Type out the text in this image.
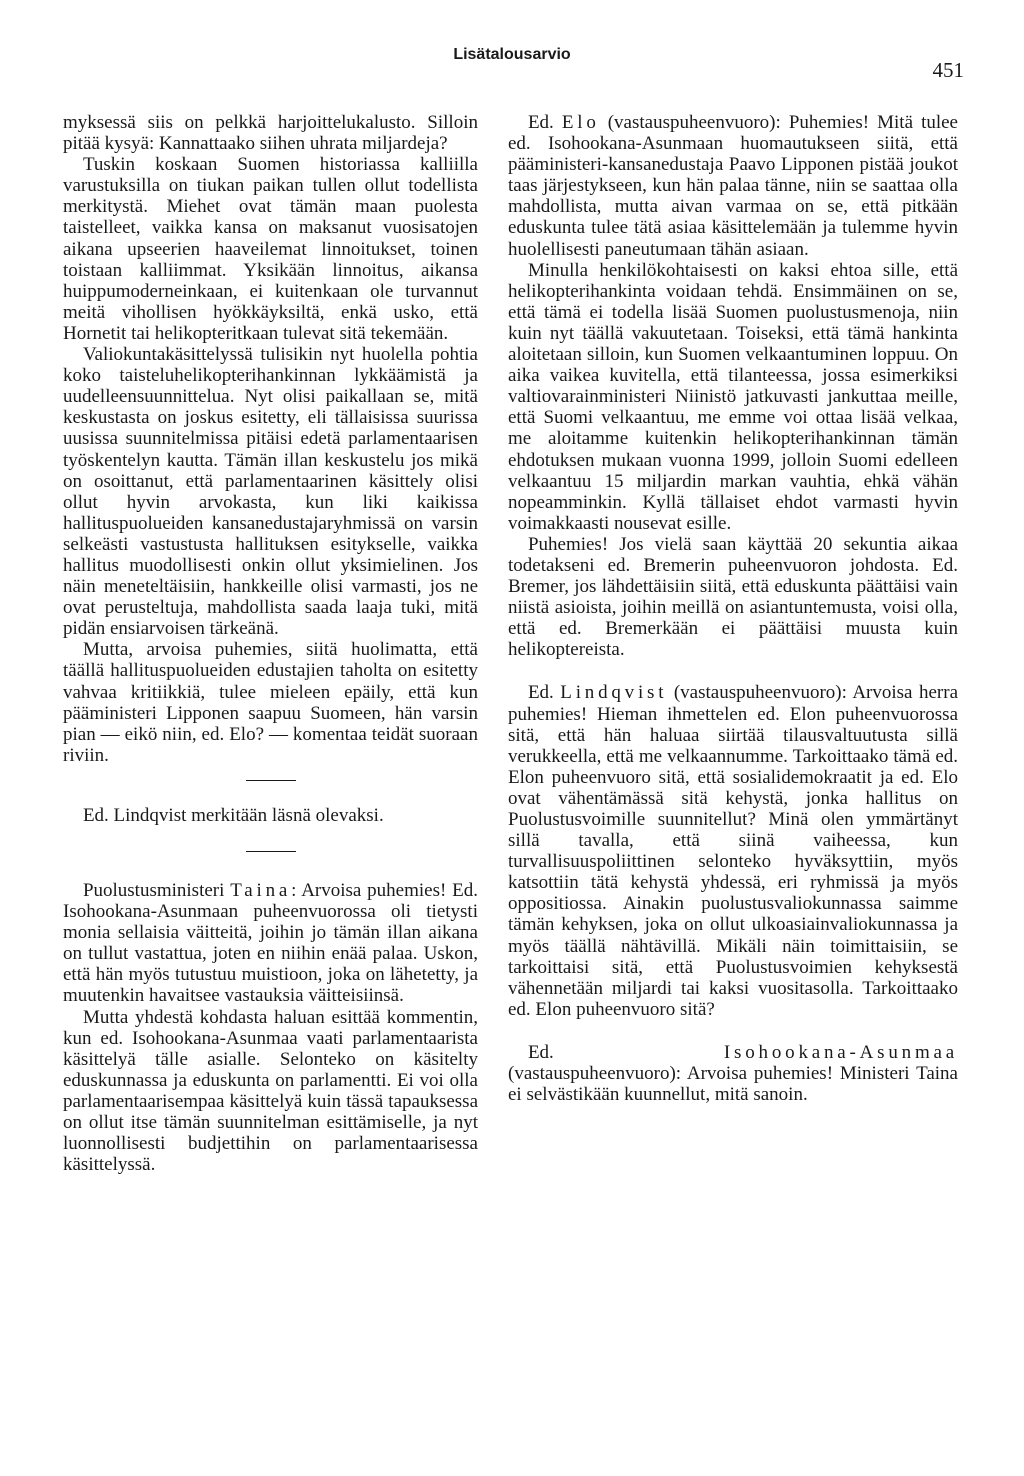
Lisätalousarvio
451

myksessä siis on pelkkä harjoittelukalusto. Silloin pitää kysyä: Kannattaako siihen uhrata miljardeja?

Tuskin koskaan Suomen historiassa kalliilla varustuksilla on tiukan paikan tullen ollut todellista merkitystä. Miehet ovat tämän maan puolesta taistelleet, vaikka kansa on maksanut vuosisatojen aikana upseerien haaveilemat linnoitukset, toinen toistaan kalliimmat. Yksikään linnoitus, aikansa huippumoderneinkaan, ei kuitenkaan ole turvannut meitä vihollisen hyökkäyksiltä, enkä usko, että Hornetit tai helikopteritkaan tulevat sitä tekemään.

Valiokuntakäsittelyssä tulisikin nyt huolella pohtia koko taisteluhelikopterihankinnan lykkäämistä ja uudelleensuunnittelua. Nyt olisi paikallaan se, mitä keskustasta on joskus esitetty, eli tällaisissa suurissa uusissa suunnitelmissa pitäisi edetä parlamentaarisen työskentelyn kautta. Tämän illan keskustelu jos mikä on osoittanut, että parlamentaarinen käsittely olisi ollut hyvin arvokasta, kun liki kaikissa hallituspuolueiden kansanedustajaryhmissä on varsin selkeästi vastustusta hallituksen esitykselle, vaikka hallitus muodollisesti onkin ollut yksimielinen. Jos näin meneteltäisiin, hankkeille olisi varmasti, jos ne ovat perusteltuja, mahdollista saada laaja tuki, mitä pidän ensiarvoisen tärkeänä.

Mutta, arvoisa puhemies, siitä huolimatta, että täällä hallituspuolueiden edustajien taholta on esitetty vahvaa kritiikkiä, tulee mieleen epäily, että kun pääministeri Lipponen saapuu Suomeen, hän varsin pian — eikö niin, ed. Elo? — komentaa teidät suoraan riviin.

Ed. Lindqvist merkitään läsnä olevaksi.

Puolustusministeri Taina: Arvoisa puhemies! Ed. Isohookana-Asunmaan puheenvuorossa oli tietysti monia sellaisia väitteitä, joihin jo tämän illan aikana on tullut vastattua, joten en niihin enää palaa. Uskon, että hän myös tutustuu muistioon, joka on lähetetty, ja muutenkin havaitsee vastauksia väitteisiinsä.

Mutta yhdestä kohdasta haluan esittää kommentin, kun ed. Isohookana-Asunmaa vaati parlamentaarista käsittelyä tälle asialle. Selonteko on käsitelty eduskunnassa ja eduskunta on parlamentti. Ei voi olla parlamentaarisempaa käsittelyä kuin tässä tapauksessa on ollut itse tämän suunnitelman esittämiselle, ja nyt luonnollisesti budjettihin on parlamentaarisessa käsittelyssä.

Ed. Elo (vastauspuheenvuoro): Puhemies! Mitä tulee ed. Isohookana-Asunmaan huomautukseen siitä, että pääministeri-kansanedustaja Paavo Lipponen pistää joukot taas järjestykseen, kun hän palaa tänne, niin se saattaa olla mahdollista, mutta aivan varmaa on se, että pitkään eduskunta tulee tätä asiaa käsittelemään ja tulemme hyvin huolellisesti paneutumaan tähän asiaan.

Minulla henkilökohtaisesti on kaksi ehtoa sille, että helikopterihankinta voidaan tehdä. Ensimmäinen on se, että tämä ei todella lisää Suomen puolustusmenoja, niin kuin nyt täällä vakuutetaan. Toiseksi, että tämä hankinta aloitetaan silloin, kun Suomen velkaantuminen loppuu. On aika vaikea kuvitella, että tilanteessa, jossa esimerkiksi valtiovarainministeri Niinistö jatkuvasti jankuttaa meille, että Suomi velkaantuu, me emme voi ottaa lisää velkaa, me aloitamme kuitenkin helikopterihankinnan tämän ehdotuksen mukaan vuonna 1999, jolloin Suomi edelleen velkaantuu 15 miljardin markan vauhtia, ehkä vähän nopeamminkin. Kyllä tällaiset ehdot varmasti hyvin voimakkaasti nousevat esille.

Puhemies! Jos vielä saan käyttää 20 sekuntia aikaa todetakseni ed. Bremerin puheenvuoron johdosta. Ed. Bremer, jos lähdettäisiin siitä, että eduskunta päättäisi vain niistä asioista, joihin meillä on asiantuntemusta, voisi olla, että ed. Bremerkään ei päättäisi muusta kuin helikoptereista.

Ed. Lindqvist (vastauspuheenvuoro): Arvoisa herra puhemies! Hieman ihmettelen ed. Elon puheenvuorossa sitä, että hän haluaa siirtää tilausvaltuutusta sillä verukkeella, että me velkaannumme. Tarkoittaako tämä ed. Elon puheenvuoro sitä, että sosialidemokraatit ja ed. Elo ovat vähentämässä sitä kehystä, jonka hallitus on Puolustusvoimille suunnitellut? Minä olen ymmärtänyt sillä tavalla, että siinä vaiheessa, kun turvallisuuspoliittinen selonteko hyväksyttiin, myös katsottiin tätä kehystä yhdessä, eri ryhmissä ja myös oppositiossa. Ainakin puolustusvaliokunnassa saimme tämän kehyksen, joka on ollut ulkoasiainvaliokunnassa ja myös täällä nähtävillä. Mikäli näin toimittaisiin, se tarkoittaisi sitä, että Puolustusvoimien kehyksestä vähennetään miljardi tai kaksi vuositasolla. Tarkoittaako ed. Elon puheenvuoro sitä?

Ed. Isohookana-Asunmaa (vastauspuheenvuoro): Arvoisa puhemies! Ministeri Taina ei selvästikään kuunnellut, mitä sanoin.
